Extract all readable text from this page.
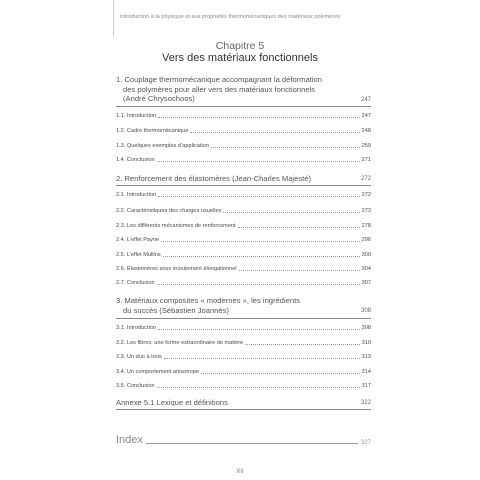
Introduction à la physique et aux propriétés thermomécaniques des matériaux polymères
Chapitre 5
Vers des matériaux fonctionnels
1. Couplage thermomécanique accompagnant la déformation
des polymères pour aller vers des matériaux fonctionnels
(André Chrysochoos)	247
1.1. Introduction	247
1.2. Cadre thermomécanique	248
1.3. Quelques exemples d’application	259
1.4. Conclusion	271
2. Renforcement des élastomères (Jean-Charles Majesté)	272
2.1. Introduction	272
2.2. Caractéristiques des charges usuelles	273
2.3. Les différents mécanismes de renforcement	278
2.4. L’effet Payne	296
2.5. L’effet Mullins	300
2.6. Élastomères sous écoulement élongationnel	304
2.7. Conclusion	307
3. Matériaux composites « modernes », les ingrédients
du succès (Sébastien Joannès)	308
3.1. Introduction	308
3.2. Les fibres, une forme extraordinaire de matière	310
3.3. Un duo à trois	313
3.4. Un comportement anisotrope	314
3.5. Conclusion	317
Annexe 5.1 Lexique et définitions	322
Index	327
XII
